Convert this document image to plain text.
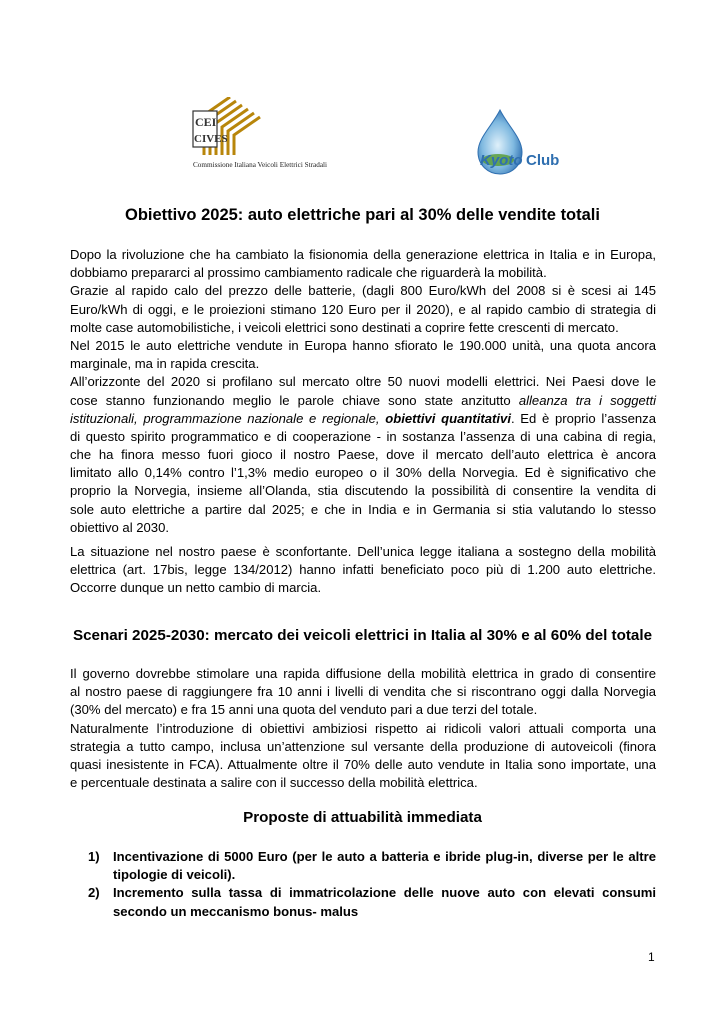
CEI
CIVES
Commissione Italiana Veicoli Elettrici Stradali	Kyoto Club
Obiettivo 2025: auto elettriche pari al 30% delle vendite totali
Dopo la rivoluzione che ha cambiato la fisionomia della generazione elettrica in Italia e in Europa,
dobbiamo prepararci al prossimo cambiamento radicale che riguarderà la mobilità.
Grazie al rapido calo del prezzo delle batterie, (dagli 800 Euro/kWh del 2008 si è scesi ai 145
Euro/kWh di oggi, e le proiezioni stimano 120 Euro per il 2020), e al rapido cambio di strategia di
molte case automobilistiche, i veicoli elettrici sono destinati a coprire fette crescenti di mercato.
Nel 2015 le auto elettriche vendute in Europa hanno sfiorato le 190.000 unità, una quota ancora
marginale, ma in rapida crescita.
All’orizzonte del 2020 si profilano sul mercato oltre 50 nuovi modelli elettrici. Nei Paesi dove le
cose stanno funzionando meglio le parole chiave sono state anzitutto alleanza tra i soggetti
istituzionali, programmazione nazionale e regionale, obiettivi quantitativi. Ed è proprio l’assenza
di questo spirito programmatico e di cooperazione - in sostanza l’assenza di una cabina di regia,
che ha finora messo fuori gioco il nostro Paese, dove il mercato dell’auto elettrica è ancora
limitato allo 0,14% contro l’1,3% medio europeo o il 30% della Norvegia. Ed è significativo che
proprio la Norvegia, insieme all’Olanda, stia discutendo la possibilità di consentire la vendita di
sole auto elettriche a partire dal 2025; e che in India e in Germania si stia valutando lo stesso
obiettivo al 2030.
La situazione nel nostro paese è sconfortante. Dell’unica legge italiana a sostegno della mobilità
elettrica (art. 17bis, legge 134/2012) hanno infatti beneficiato poco più di 1.200 auto elettriche.
Occorre dunque un netto cambio di marcia.
Scenari 2025-2030: mercato dei veicoli elettrici in Italia al 30% e al 60% del totale
Il governo dovrebbe stimolare una rapida diffusione della mobilità elettrica in grado di consentire
al nostro paese di raggiungere fra 10 anni i livelli di vendita che si riscontrano oggi dalla Norvegia
(30% del mercato) e fra 15 anni una quota del venduto pari a due terzi del totale.
Naturalmente l’introduzione di obiettivi ambiziosi rispetto ai ridicoli valori attuali comporta una
strategia a tutto campo, inclusa un’attenzione sul versante della produzione di autoveicoli (finora
quasi inesistente in FCA). Attualmente oltre il 70% delle auto vendute in Italia sono importate, una
e percentuale destinata a salire con il successo della mobilità elettrica.
Proposte di attuabilità immediata
1) Incentivazione di 5000 Euro (per le auto a batteria e ibride plug-in, diverse per le altre
tipologie di veicoli).
2) Incremento sulla tassa di immatricolazione delle nuove auto con elevati consumi
secondo un meccanismo bonus- malus
1
